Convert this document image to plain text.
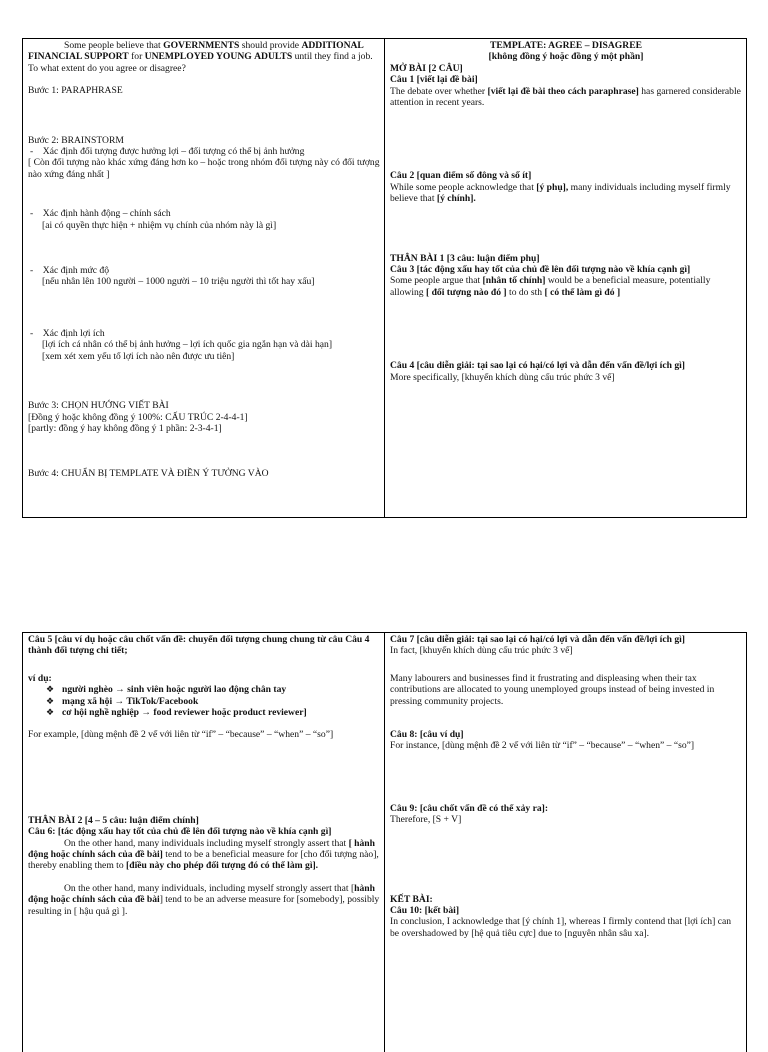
Some people believe that GOVERNMENTS should provide ADDITIONAL FINANCIAL SUPPORT for UNEMPLOYED YOUNG ADULTS until they find a job. To what extent do you agree or disagree?

Bước 1: PARAPHRASE

Bước 2: BRAINSTORM

- Xác định đối tượng được hưởng lợi – đối tượng có thể bị ảnh hưởng

[ Còn đối tượng nào khác xứng đáng hơn ko – hoặc trong nhóm đối tượng này có đối tượng nào xứng đáng nhất ]

- Xác định hành động – chính sách

[ai có quyền thực hiện + nhiệm vụ chính của nhóm này là gì]

- Xác định mức độ

[nếu nhân lên 100 người – 1000 người – 10 triệu người thì tốt hay xấu]

- Xác định lợi ích

[lợi ích cá nhân có thể bị ảnh hưởng – lợi ích quốc gia ngắn hạn và dài hạn]

[xem xét xem yếu tố lợi ích nào nên được ưu tiên]

Bước 3: CHỌN HƯỚNG VIẾT BÀI

[Đồng ý hoặc không đồng ý 100%: CẤU TRÚC 2-4-4-1]

[partly: đồng ý hay không đồng ý 1 phần: 2-3-4-1]

Bước 4: CHUẨN BỊ TEMPLATE VÀ ĐIỀN Ý TƯỞNG VÀO

TEMPLATE: AGREE – DISAGREE

[không đồng ý hoặc đồng ý một phần]

MỞ BÀI [2 CÂU]

Câu 1 [viết lại đề bài]

The debate over whether [viết lại đề bài theo cách paraphrase] has garnered considerable attention in recent years.

Câu 2 [quan điểm số đông và số ít]

While some people acknowledge that [ý phụ], many individuals including myself firmly believe that [ý chính].

THÂN BÀI 1 [3 câu: luận điểm phụ]

Câu 3 [tác động xấu hay tốt của chủ đề lên đối tượng nào về khía cạnh gì]

Some people argue that [nhân tố chính] would be a beneficial measure, potentially allowing [ đối tượng nào đó ] to do sth [ có thể làm gì đó ]

Câu 4 [câu diễn giải: tại sao lại có hại/có lợi và dẫn đến vấn đề/lợi ích gì]

More specifically, [khuyến khích dùng cấu trúc phức 3 vế]

Câu 5 [câu ví dụ hoặc câu chốt vấn đề: chuyển đối tượng chung chung từ câu Câu 4 thành đối tượng chi tiết;

ví dụ:

❖ người nghèo → sinh viên hoặc người lao động chân tay
❖ mạng xã hội → TikTok/Facebook
❖ cơ hội nghề nghiệp → food reviewer hoặc product reviewer]

For example, [dùng mệnh đề 2 vế với liên từ “if” – “because” – “when” – “so”]

THÂN BÀI 2 [4 – 5 câu: luận điểm chính]

Câu 6: [tác động xấu hay tốt của chủ đề lên đối tượng nào về khía cạnh gì]

On the other hand, many individuals including myself strongly assert that [ hành động hoặc chính sách của đề bài] tend to be a beneficial measure for [cho đối tượng nào], thereby enabling them to [điều này cho phép đối tượng đó có thể làm gì].

On the other hand, many individuals, including myself strongly assert that [hành động hoặc chính sách của đề bài] tend to be an adverse measure for [somebody], possibly resulting in [ hậu quả gì ].

Câu 7 [câu diễn giải: tại sao lại có hại/có lợi và dẫn đến vấn đề/lợi ích gì]

In fact, [khuyến khích dùng cấu trúc phức 3 vế]

Many labourers and businesses find it frustrating and displeasing when their tax contributions are allocated to young unemployed groups instead of being invested in pressing community projects.

Câu 8: [câu ví dụ]

For instance, [dùng mệnh đề 2 vế với liên từ “if” – “because” – “when” – “so”]

Câu 9: [câu chốt vấn đề có thể xảy ra]:

Therefore, [S + V]

KẾT BÀI:

Câu 10: [kết bài]

In conclusion, I acknowledge that [ý chính 1], whereas I firmly contend that [lợi ích] can be overshadowed by [hệ quả tiêu cực] due to [nguyên nhân sâu xa].
